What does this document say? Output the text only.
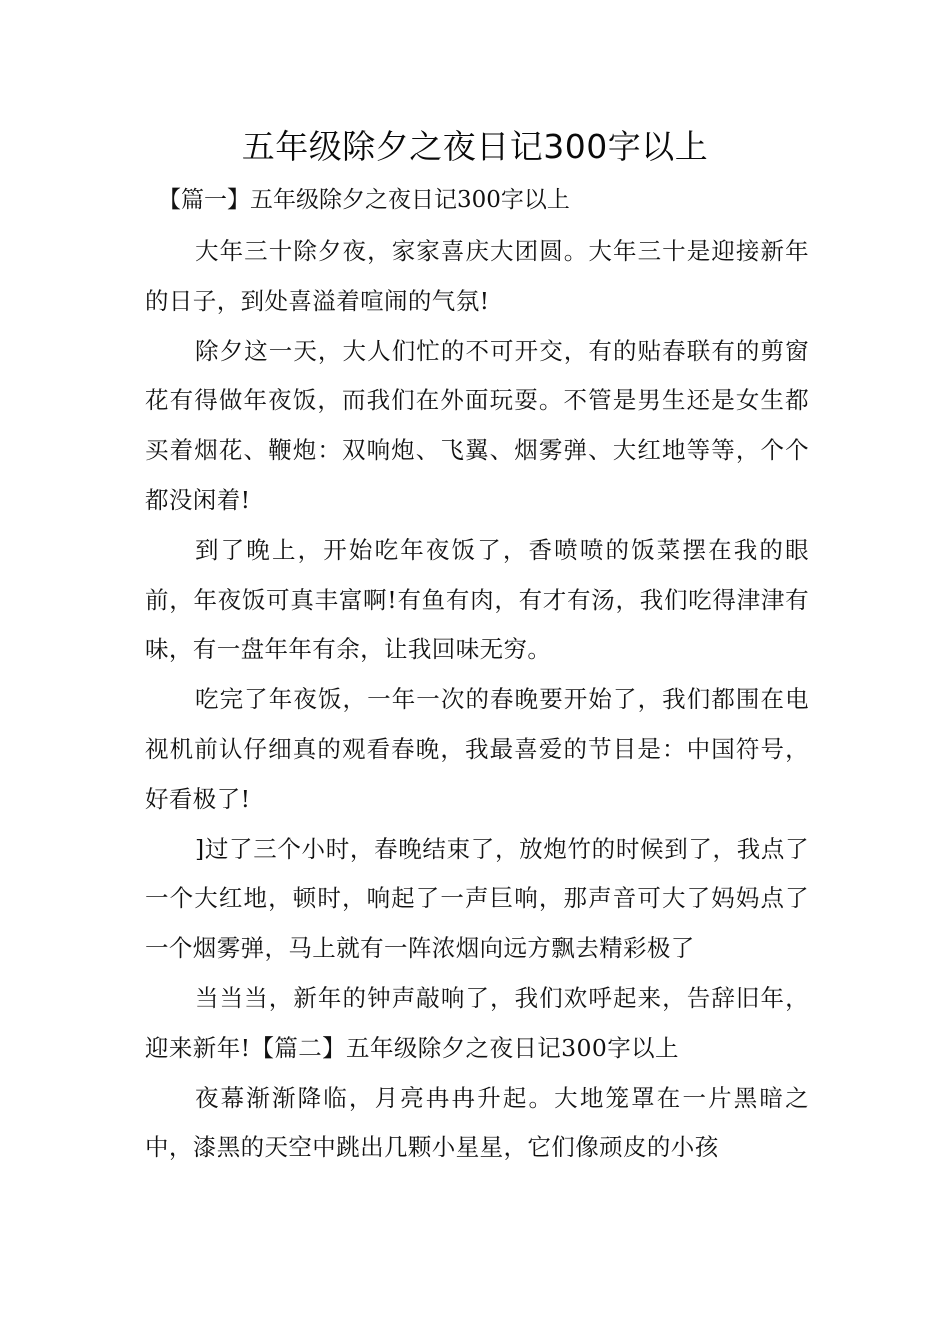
五年级除夕之夜日记300字以上
【篇一】五年级除夕之夜日记300字以上

大年三十除夕夜，家家喜庆大团圆。大年三十是迎接新年的日子，到处喜溢着喧闹的气氛!

除夕这一天，大人们忙的不可开交，有的贴春联有的剪窗花有得做年夜饭，而我们在外面玩耍。不管是男生还是女生都买着烟花、鞭炮：双响炮、飞翼、烟雾弹、大红地等等，个个都没闲着!

到了晚上，开始吃年夜饭了，香喷喷的饭菜摆在我的眼前，年夜饭可真丰富啊!有鱼有肉，有才有汤，我们吃得津津有味，有一盘年年有余，让我回味无穷。

吃完了年夜饭，一年一次的春晚要开始了，我们都围在电视机前认仔细真的观看春晚，我最喜爱的节目是：中国符号，好看极了!

]过了三个小时，春晚结束了，放炮竹的时候到了，我点了一个大红地，顿时，响起了一声巨响，那声音可大了妈妈点了一个烟雾弹，马上就有一阵浓烟向远方飘去精彩极了

当当当，新年的钟声敲响了，我们欢呼起来，告辞旧年，迎来新年!【篇二】五年级除夕之夜日记300字以上

夜幕渐渐降临，月亮冉冉升起。大地笼罩在一片黑暗之中，漆黑的天空中跳出几颗小星星，它们像顽皮的小孩
